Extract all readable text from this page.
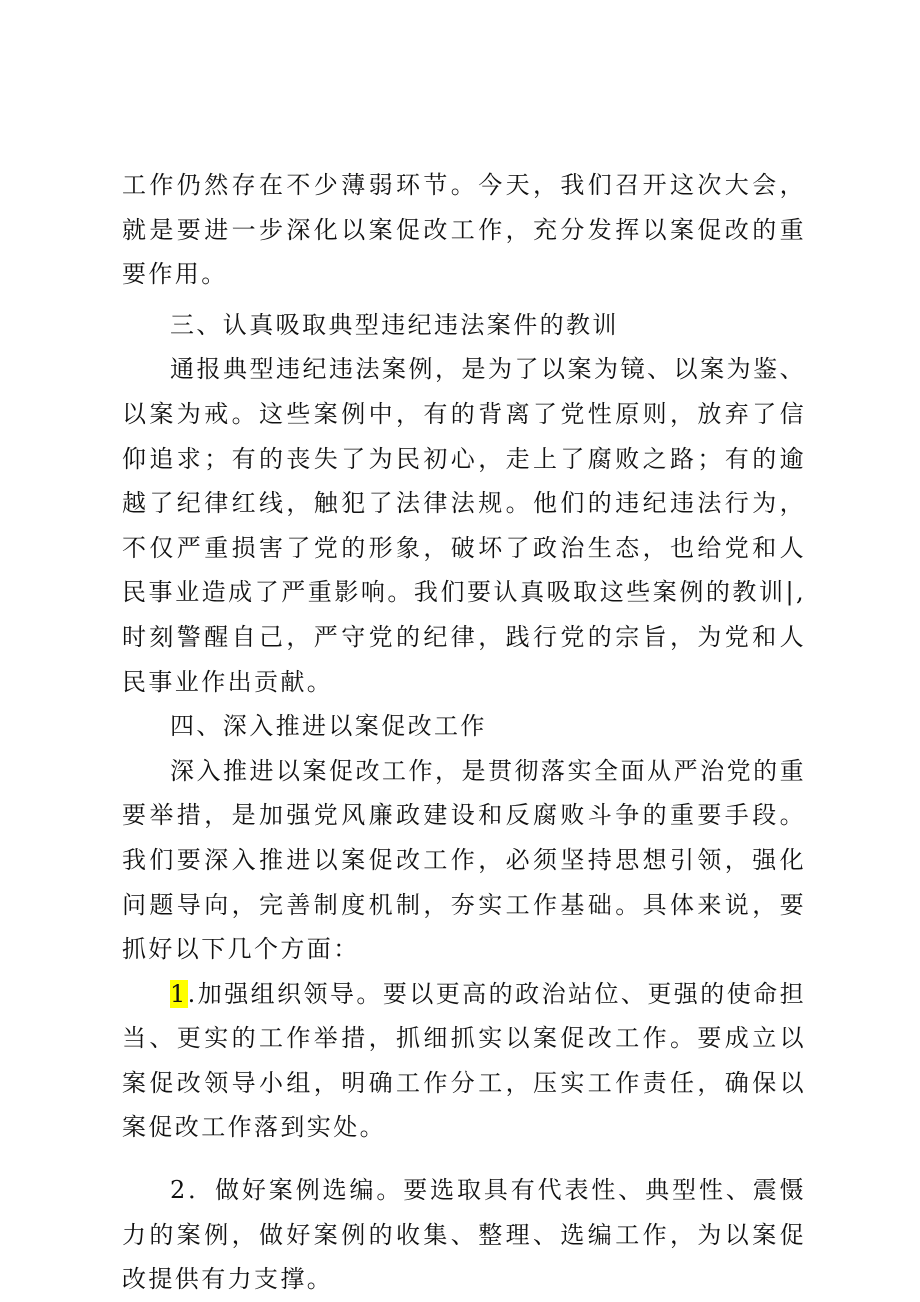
工作仍然存在不少薄弱环节。今天，我们召开这次大会，就是要进一步深化以案促改工作，充分发挥以案促改的重要作用。

三、认真吸取典型违纪违法案件的教训

通报典型违纪违法案例，是为了以案为镜、以案为鉴、以案为戒。这些案例中，有的背离了党性原则，放弃了信仰追求；有的丧失了为民初心，走上了腐败之路；有的逾越了纪律红线，触犯了法律法规。他们的违纪违法行为，不仅严重损害了党的形象，破坏了政治生态，也给党和人民事业造成了严重影响。我们要认真吸取这些案例的教训|,时刻警醒自己，严守党的纪律，践行党的宗旨，为党和人民事业作出贡献。

四、深入推进以案促改工作

深入推进以案促改工作，是贯彻落实全面从严治党的重要举措，是加强党风廉政建设和反腐败斗争的重要手段。我们要深入推进以案促改工作，必须坚持思想引领，强化问题导向，完善制度机制，夯实工作基础。具体来说，要抓好以下几个方面：

1.加强组织领导。要以更高的政治站位、更强的使命担当、更实的工作举措，抓细抓实以案促改工作。要成立以案促改领导小组，明确工作分工，压实工作责任，确保以案促改工作落到实处。

2．做好案例选编。要选取具有代表性、典型性、震慑力的案例，做好案例的收集、整理、选编工作，为以案促改提供有力支撑。
